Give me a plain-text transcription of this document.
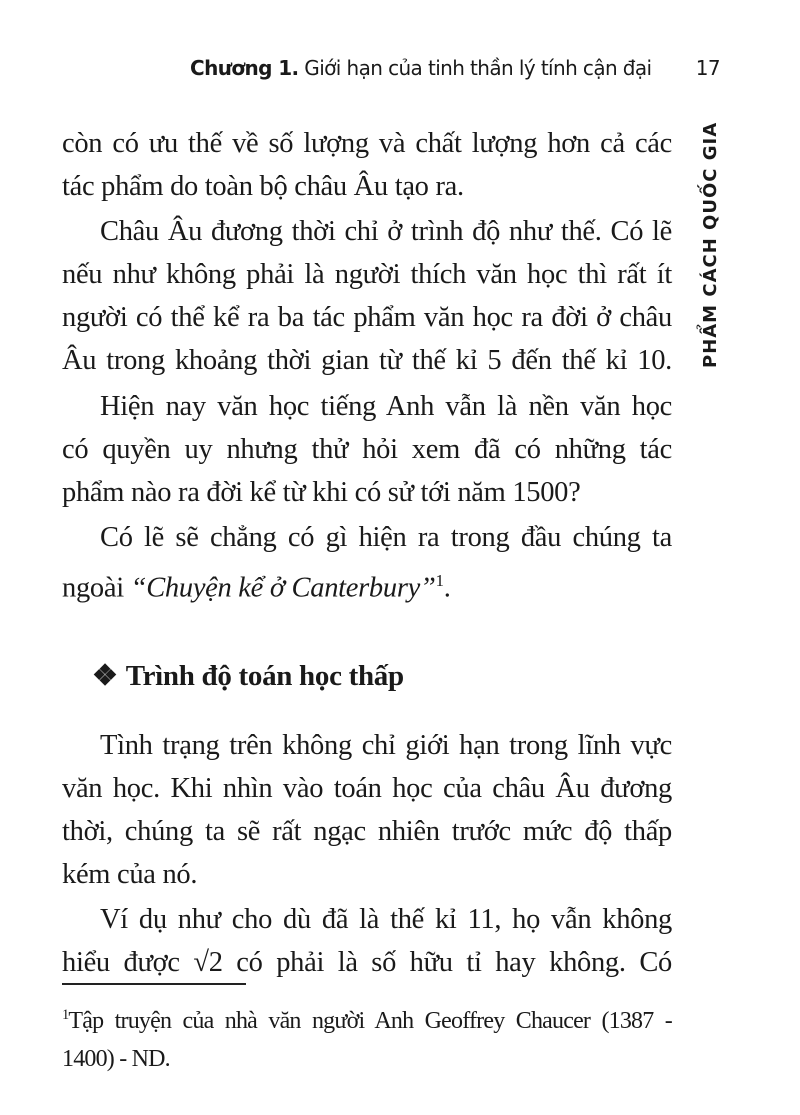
Chương 1. Giới hạn của tinh thần lý tính cận đại 17
PHẨM CÁCH QUỐC GIA
còn có ưu thế về số lượng và chất lượng hơn cả các
tác phẩm do toàn bộ châu Âu tạo ra.
Châu Âu đương thời chỉ ở trình độ như thế. Có lẽ
nếu như không phải là người thích văn học thì rất ít
người có thể kể ra ba tác phẩm văn học ra đời ở châu
Âu trong khoảng thời gian từ thế kỉ 5 đến thế kỉ 10.
Hiện nay văn học tiếng Anh vẫn là nền văn học
có quyền uy nhưng thử hỏi xem đã có những tác
phẩm nào ra đời kể từ khi có sử tới năm 1500?
Có lẽ sẽ chẳng có gì hiện ra trong đầu chúng ta
ngoài “Chuyện kể ở Canterbury”$^1$.
❖ Trình độ toán học thấp
Tình trạng trên không chỉ giới hạn trong lĩnh vực
văn học. Khi nhìn vào toán học của châu Âu đương
thời, chúng ta sẽ rất ngạc nhiên trước mức độ thấp
kém của nó.
Ví dụ như cho dù đã là thế kỉ 11, họ vẫn không
hiểu được √2 có phải là số hữu tỉ hay không. Có
$^1$Tập truyện của nhà văn người Anh Geoffrey Chaucer (1387 -
1400) - ND.
